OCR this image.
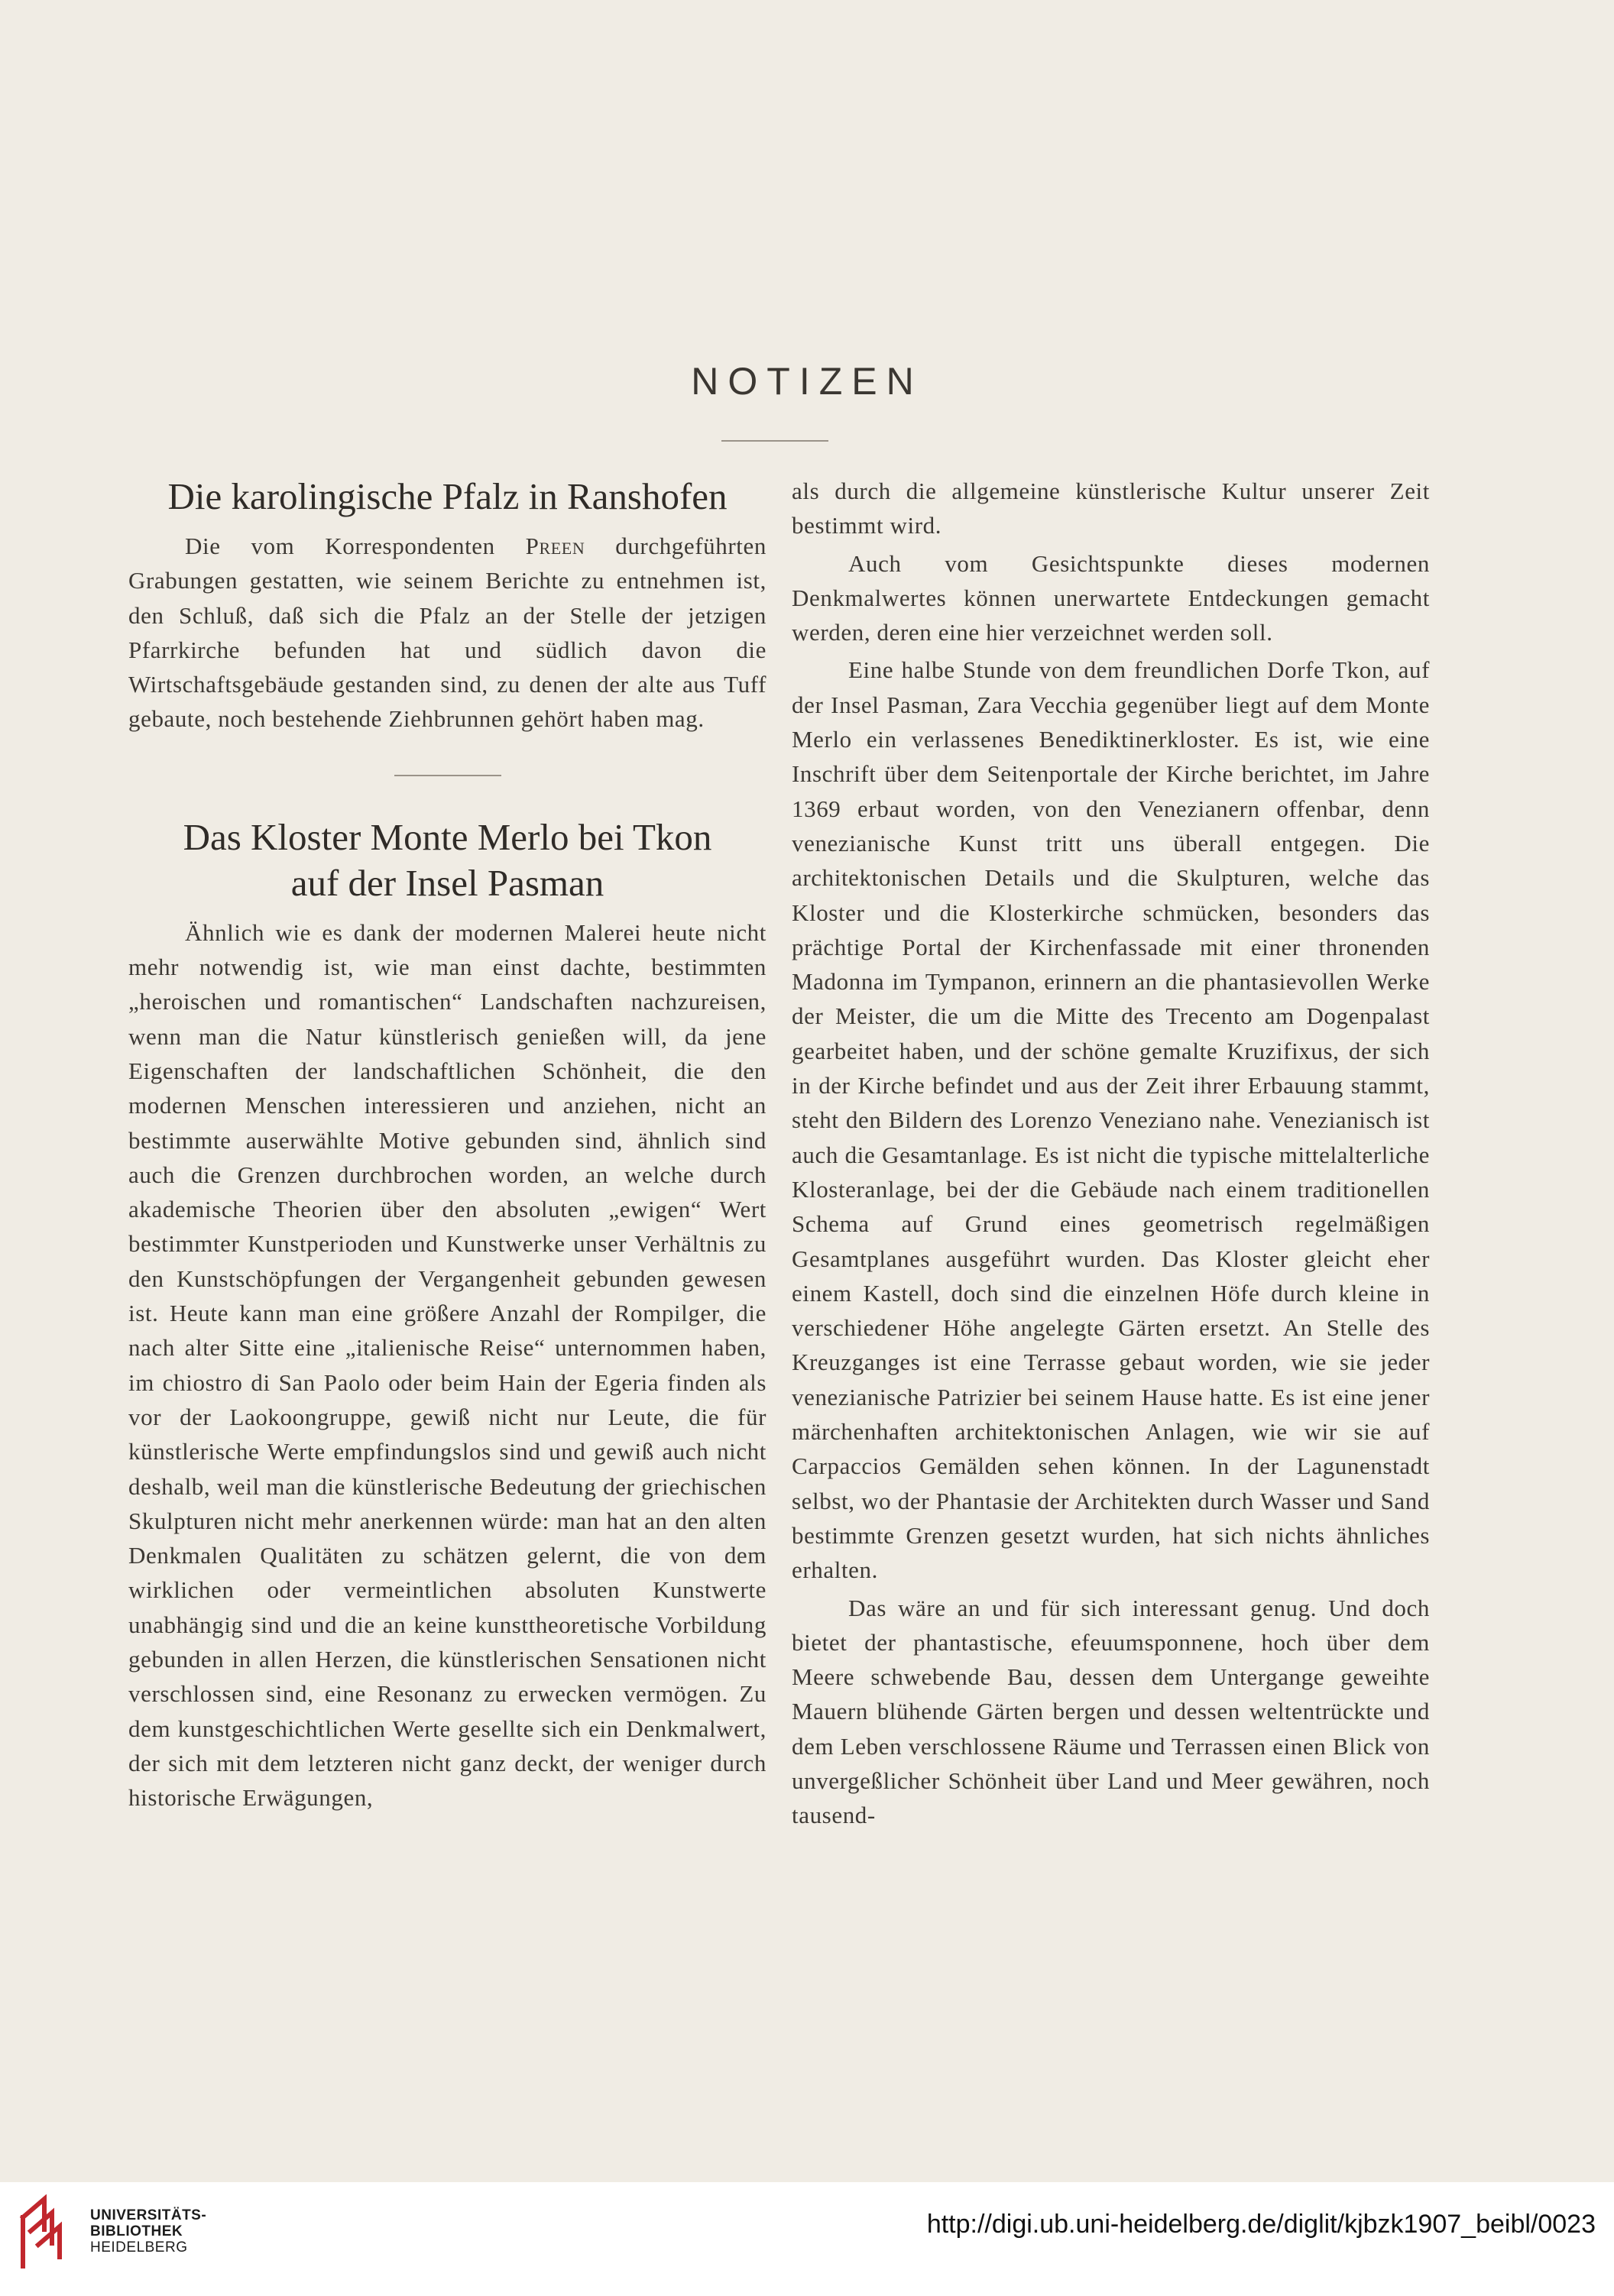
NOTIZEN
Die karolingische Pfalz in Ranshofen

Die vom Korrespondenten Preen durchgeführten Grabungen gestatten, wie seinem Berichte zu entnehmen ist, den Schluß, daß sich die Pfalz an der Stelle der jetzigen Pfarrkirche befunden hat und südlich davon die Wirtschaftsgebäude gestanden sind, zu denen der alte aus Tuff gebaute, noch bestehende Ziehbrunnen gehört haben mag.

Das Kloster Monte Merlo bei Tkon
auf der Insel Pasman

Ähnlich wie es dank der modernen Malerei heute nicht mehr notwendig ist, wie man einst dachte, bestimmten „heroischen und romantischen“ Landschaften nachzureisen, wenn man die Natur künstlerisch genießen will, da jene Eigenschaften der landschaftlichen Schönheit, die den modernen Menschen interessieren und anziehen, nicht an bestimmte auserwählte Motive gebunden sind, ähnlich sind auch die Grenzen durchbrochen worden, an welche durch akademische Theorien über den absoluten „ewigen“ Wert bestimmter Kunstperioden und Kunstwerke unser Verhältnis zu den Kunstschöpfungen der Vergangenheit gebunden gewesen ist. Heute kann man eine größere Anzahl der Rompilger, die nach alter Sitte eine „italienische Reise“ unternommen haben, im chiostro di San Paolo oder beim Hain der Egeria finden als vor der Laokoongruppe, gewiß nicht nur Leute, die für künstlerische Werte empfindungslos sind und gewiß auch nicht deshalb, weil man die künstlerische Bedeutung der griechischen Skulpturen nicht mehr anerkennen würde: man hat an den alten Denkmalen Qualitäten zu schätzen gelernt, die von dem wirklichen oder vermeintlichen absoluten Kunstwerte unabhängig sind und die an keine kunsttheoretische Vorbildung gebunden in allen Herzen, die künstlerischen Sensationen nicht verschlossen sind, eine Resonanz zu erwecken vermögen. Zu dem kunstgeschichtlichen Werte gesellte sich ein Denkmalwert, der sich mit dem letzteren nicht ganz deckt, der weniger durch historische Erwägungen,

als durch die allgemeine künstlerische Kultur unserer Zeit bestimmt wird.

Auch vom Gesichtspunkte dieses modernen Denkmalwertes können unerwartete Entdeckungen gemacht werden, deren eine hier verzeichnet werden soll.

Eine halbe Stunde von dem freundlichen Dorfe Tkon, auf der Insel Pasman, Zara Vecchia gegenüber liegt auf dem Monte Merlo ein verlassenes Benediktinerkloster. Es ist, wie eine Inschrift über dem Seitenportale der Kirche berichtet, im Jahre 1369 erbaut worden, von den Venezianern offenbar, denn venezianische Kunst tritt uns überall entgegen. Die architektonischen Details und die Skulpturen, welche das Kloster und die Klosterkirche schmücken, besonders das prächtige Portal der Kirchenfassade mit einer thronenden Madonna im Tympanon, erinnern an die phantasievollen Werke der Meister, die um die Mitte des Trecento am Dogenpalast gearbeitet haben, und der schöne gemalte Kruzifixus, der sich in der Kirche befindet und aus der Zeit ihrer Erbauung stammt, steht den Bildern des Lorenzo Veneziano nahe. Venezianisch ist auch die Gesamtanlage. Es ist nicht die typische mittelalterliche Klosteranlage, bei der die Gebäude nach einem traditionellen Schema auf Grund eines geometrisch regelmäßigen Gesamtplanes ausgeführt wurden. Das Kloster gleicht eher einem Kastell, doch sind die einzelnen Höfe durch kleine in verschiedener Höhe angelegte Gärten ersetzt. An Stelle des Kreuzganges ist eine Terrasse gebaut worden, wie sie jeder venezianische Patrizier bei seinem Hause hatte. Es ist eine jener märchenhaften architektonischen Anlagen, wie wir sie auf Carpaccios Gemälden sehen können. In der Lagunenstadt selbst, wo der Phantasie der Architekten durch Wasser und Sand bestimmte Grenzen gesetzt wurden, hat sich nichts ähnliches erhalten.

Das wäre an und für sich interessant genug. Und doch bietet der phantastische, efeuumsponnene, hoch über dem Meere schwebende Bau, dessen dem Untergange geweihte Mauern blühende Gärten bergen und dessen weltentrückte und dem Leben verschlossene Räume und Terrassen einen Blick von unvergeßlicher Schönheit über Land und Meer gewähren, noch tausend-

UNIVERSITÄTS-
BIBLIOTHEK
HEIDELBERG
http://digi.ub.uni-heidelberg.de/diglit/kjbzk1907_beibl/0023
